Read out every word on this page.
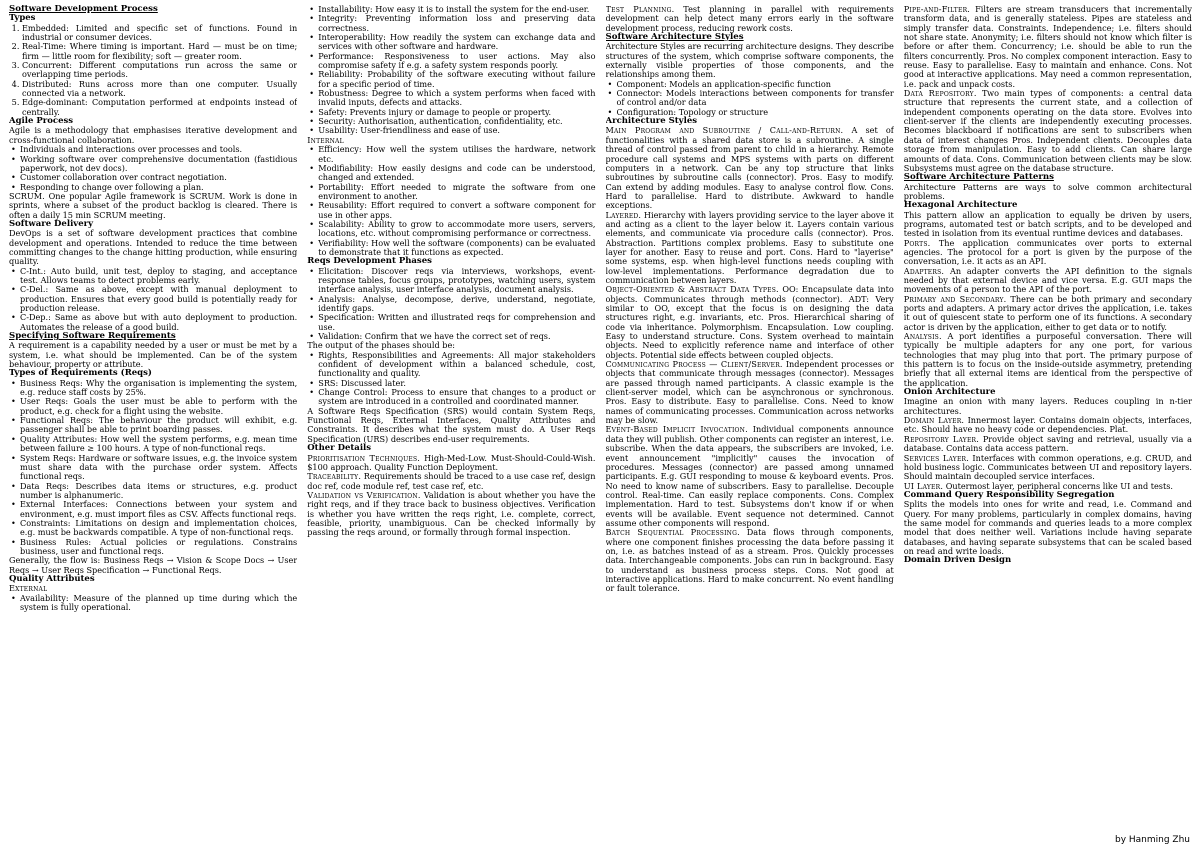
Software Development Process
Types
1. Embedded: Limited and specific set of functions. Found in industrial or consumer devices.
2. Real-Time: Where timing is important. Hard — must be on time; firm — little room for flexibility; soft — greater room.
3. Concurrent: Different computations run across the same or overlapping time periods.
4. Distributed: Runs across more than one computer. Usually connected via a network.
5. Edge-dominant: Computation performed at endpoints instead of centrally.
Agile Process

Agile is a methodology that emphasises iterative development and cross-functional collaboration.

• Individuals and interactions over processes and tools.
• Working software over comprehensive documentation (fastidious paperwork, not dev docs).
• Customer collaboration over contract negotiation.
• Responding to change over following a plan.

SCRUM. One popular Agile framework is SCRUM. Work is done in sprints, where a subset of the product backlog is cleared. There is often a daily 15 min SCRUM meeting.

Software Delivery

DevOps is a set of software development practices that combine development and operations. Intended to reduce the time between committing changes to the change hitting production, while ensuring quality.

• C-Int.: Auto build, unit test, deploy to staging, and acceptance test. Allows teams to detect problems early.
• C-Del.: Same as above, except with manual deployment to production. Ensures that every good build is potentially ready for production release.
• C-Dep.: Same as above but with auto deployment to production. Automates the release of a good build.
Specifying Software Requirements

A requirement is a capability needed by a user or must be met by a system, i.e. what should be implemented. Can be of the system behaviour, property or attribute.

Types of Requirements (Reqs)
• Business Reqs: Why the organisation is implementing the system, e.g. reduce staff costs by 25%.
• User Reqs: Goals the user must be able to perform with the product, e.g. check for a flight using the website.
• Functional Reqs: The behaviour the product will exhibit, e.g. passenger shall be able to print boarding passes.
• Quality Attributes: How well the system performs, e.g. mean time between failure ≥ 100 hours. A type of non-functional reqs.
• System Reqs: Hardware or software issues, e.g. the invoice system must share data with the purchase order system. Affects functional reqs.
• Data Reqs: Describes data items or structures, e.g. product number is alphanumeric.
• External Interfaces: Connections between your system and environment, e.g. must import files as CSV. Affects functional reqs.
• Constraints: Limitations on design and implementation choices, e.g. must be backwards compatible. A type of non-functional reqs.
• Business Rules: Actual policies or regulations. Constrains business, user and functional reqs.

Generally, the flow is: Business Reqs → Vision & Scope Docs → User Reqs → User Reqs Specification → Functional Reqs.

Quality Attributes
External
• Availability: Measure of the planned up time during which the system is fully operational.
• Installability: How easy it is to install the system for the end-user.
• Integrity: Preventing information loss and preserving data correctness.
• Interoperability: How readily the system can exchange data and services with other software and hardware.
• Performance: Responsiveness to user actions. May also compromise safety if e.g. a safety system responds poorly.
• Reliability: Probability of the software executing without failure for a specific period of time.
• Robustness: Degree to which a system performs when faced with invalid inputs, defects and attacks.
• Safety: Prevents injury or damage to people or property.
• Security: Authorisation, authentication, confidentiality, etc.
• Usability: User-friendliness and ease of use.
Internal
• Efficiency: How well the system utilises the hardware, network etc.
• Modifiability: How easily designs and code can be understood, changed and extended.
• Portability: Effort needed to migrate the software from one environment to another.
• Reusability: Effort required to convert a software component for use in other apps.
• Scalability: Ability to grow to accommodate more users, servers, locations, etc. without compromising performance or correctness.
• Verifiability: How well the software (components) can be evaluated to demonstrate that it functions as expected.
Reqs Development Phases
• Elicitation: Discover reqs via interviews, workshops, event-response tables, focus groups, prototypes, watching users, system interface analysis, user interface analysis, document analysis.
• Analysis: Analyse, decompose, derive, understand, negotiate, identify gaps.
• Specification: Written and illustrated reqs for comprehension and use.
• Validation: Confirm that we have the correct set of reqs.

The output of the phases should be:

• Rights, Responsibilities and Agreements: All major stakeholders confident of development within a balanced schedule, cost, functionality and quality.
• SRS: Discussed later.
• Change Control: Process to ensure that changes to a product or system are introduced in a controlled and coordinated manner.

A Software Reqs Specification (SRS) would contain System Reqs, Functional Reqs, External Interfaces, Quality Attributes and Constraints. It describes what the system must do. A User Reqs Specification (URS) describes end-user requirements.

Other Details

Prioritisation Techniques. High-Med-Low. Must-Should-Could-Wish. $100 approach. Quality Function Deployment.

Traceability. Requirements should be traced to a use case ref, design doc ref, code module ref, test case ref, etc.

Validation vs Verification. Validation is about whether you have the right reqs, and if they trace back to business objectives. Verification is whether you have written the reqs right, i.e. complete, correct, feasible, priority, unambiguous. Can be checked informally by passing the reqs around, or formally through formal inspection.

Test Planning. Test planning in parallel with requirements development can help detect many errors early in the software development process, reducing rework costs.

Software Architecture Styles

Architecture Styles are recurring architecture designs. They describe structures of the system, which comprise software components, the externally visible properties of those components, and the relationships among them.

• Component: Models an application-specific function
• Connector: Models interactions between components for transfer of control and/or data
• Configuration: Topology or structure
Architecture Styles

Main Program and Subroutine / Call-and-Return. A set of functionalities with a shared data store is a subroutine. A single thread of control passed from parent to child in a hierarchy. Remote procedure call systems and MPS systems with parts on different computers in a network. Can be any top structure that links subroutines by subroutine calls (connector). Pros. Easy to modify. Can extend by adding modules. Easy to analyse control flow. Cons. Hard to parallelise. Hard to distribute. Awkward to handle exceptions.

Layered. Hierarchy with layers providing service to the layer above it and acting as a client to the layer below it. Layers contain various elements, and communicate via procedure calls (connector). Pros. Abstraction. Partitions complex problems. Easy to substitute one layer for another. Easy to reuse and port. Cons. Hard to "layerise" some systems, esp. when high-level functions needs coupling with low-level implementations. Performance degradation due to communication between layers.

Object-Oriented & Abstract Data Types. OO: Encapsulate data into objects. Communicates through methods (connector). ADT: Very similar to OO, except that the focus is on designing the data structures right, e.g. invariants, etc. Pros. Hierarchical sharing of code via inheritance. Polymorphism. Encapsulation. Low coupling. Easy to understand structure. Cons. System overhead to maintain objects. Need to explicitly reference name and interface of other objects. Potential side effects between coupled objects.

Communicating Process — Client/Server. Independent processes or objects that communicate through messages (connector). Messages are passed through named participants. A classic example is the client-server model, which can be asynchronous or synchronous. Pros. Easy to distribute. Easy to parallelise. Cons. Need to know names of communicating processes. Communication across networks may be slow.

Event-Based Implicit Invocation. Individual components announce data they will publish. Other components can register an interest, i.e. subscribe. When the data appears, the subscribers are invoked, i.e. event announcement "implicitly" causes the invocation of procedures. Messages (connector) are passed among unnamed participants. E.g. GUI responding to mouse & keyboard events. Pros. No need to know name of subscribers. Easy to parallelise. Decouple control. Real-time. Can easily replace components. Cons. Complex implementation. Hard to test. Subsystems don't know if or when events will be available. Event sequence not determined. Cannot assume other components will respond.

Batch Sequential Processing. Data flows through components, where one component finishes processing the data before passing it on, i.e. as batches instead of as a stream. Pros. Quickly processes data. Interchangeable components. Jobs can run in background. Easy to understand as business process steps. Cons. Not good at interactive applications. Hard to make concurrent. No event handling or fault tolerance.

Pipe-and-Filter. Filters are stream transducers that incrementally transform data, and is generally stateless. Pipes are stateless and simply transfer data. Constraints. Independence; i.e. filters should not share state. Anonymity; i.e. filters should not know which filter is before or after them. Concurrency; i.e. should be able to run the filters concurrently. Pros. No complex component interaction. Easy to reuse. Easy to parallelise. Easy to maintain and enhance. Cons. Not good at interactive applications. May need a common representation, i.e. pack and unpack costs.

Data Repository. Two main types of components: a central data structure that represents the current state, and a collection of independent components operating on the data store. Evolves into client-server if the clients are independently executing processes. Becomes blackboard if notifications are sent to subscribers when data of interest changes Pros. Independent clients. Decouples data storage from manipulation. Easy to add clients. Can share large amounts of data. Cons. Communication between clients may be slow. Subsystems must agree on the database structure.

Software Architecture Patterns

Architecture Patterns are ways to solve common architectural problems.

Hexagonal Architecture

This pattern allow an application to equally be driven by users, programs, automated test or batch scripts, and to be developed and tested in isolation from its eventual runtime devices and databases.

Ports. The application communicates over ports to external agencies. The protocol for a port is given by the purpose of the conversation, i.e. it acts as an API.

Adapters. An adapter converts the API definition to the signals needed by that external device and vice versa. E.g. GUI maps the movements of a person to the API of the port.

Primary and Secondary. There can be both primary and secondary ports and adapters. A primary actor drives the application, i.e. takes it out of quiescent state to perform one of its functions. A secondary actor is driven by the application, either to get data or to notify.

Analysis. A port identifies a purposeful conversation. There will typically be multiple adapters for any one port, for various technologies that may plug into that port. The primary purpose of this pattern is to focus on the inside-outside asymmetry, pretending briefly that all external items are identical from the perspective of the application.

Onion Architecture

Imagine an onion with many layers. Reduces coupling in n-tier architectures.

Domain Layer. Innermost layer. Contains domain objects, interfaces, etc. Should have no heavy code or dependencies. Plat.

Repository Layer. Provide object saving and retrieval, usually via a database. Contains data access pattern.

Services Layer. Interfaces with common operations, e.g. CRUD, and hold business logic. Communicates between UI and repository layers. Should maintain decoupled service interfaces.

UI Layer. Outermost layer, peripheral concerns like UI and tests.

Command Query Responsibility Segregation

Splits the models into ones for write and read, i.e. Command and Query. For many problems, particularly in complex domains, having the same model for commands and queries leads to a more complex model that does neither well. Variations include having separate databases, and having separate subsystems that can be scaled based on read and write loads.

Domain Driven Design
by Hanming Zhu
